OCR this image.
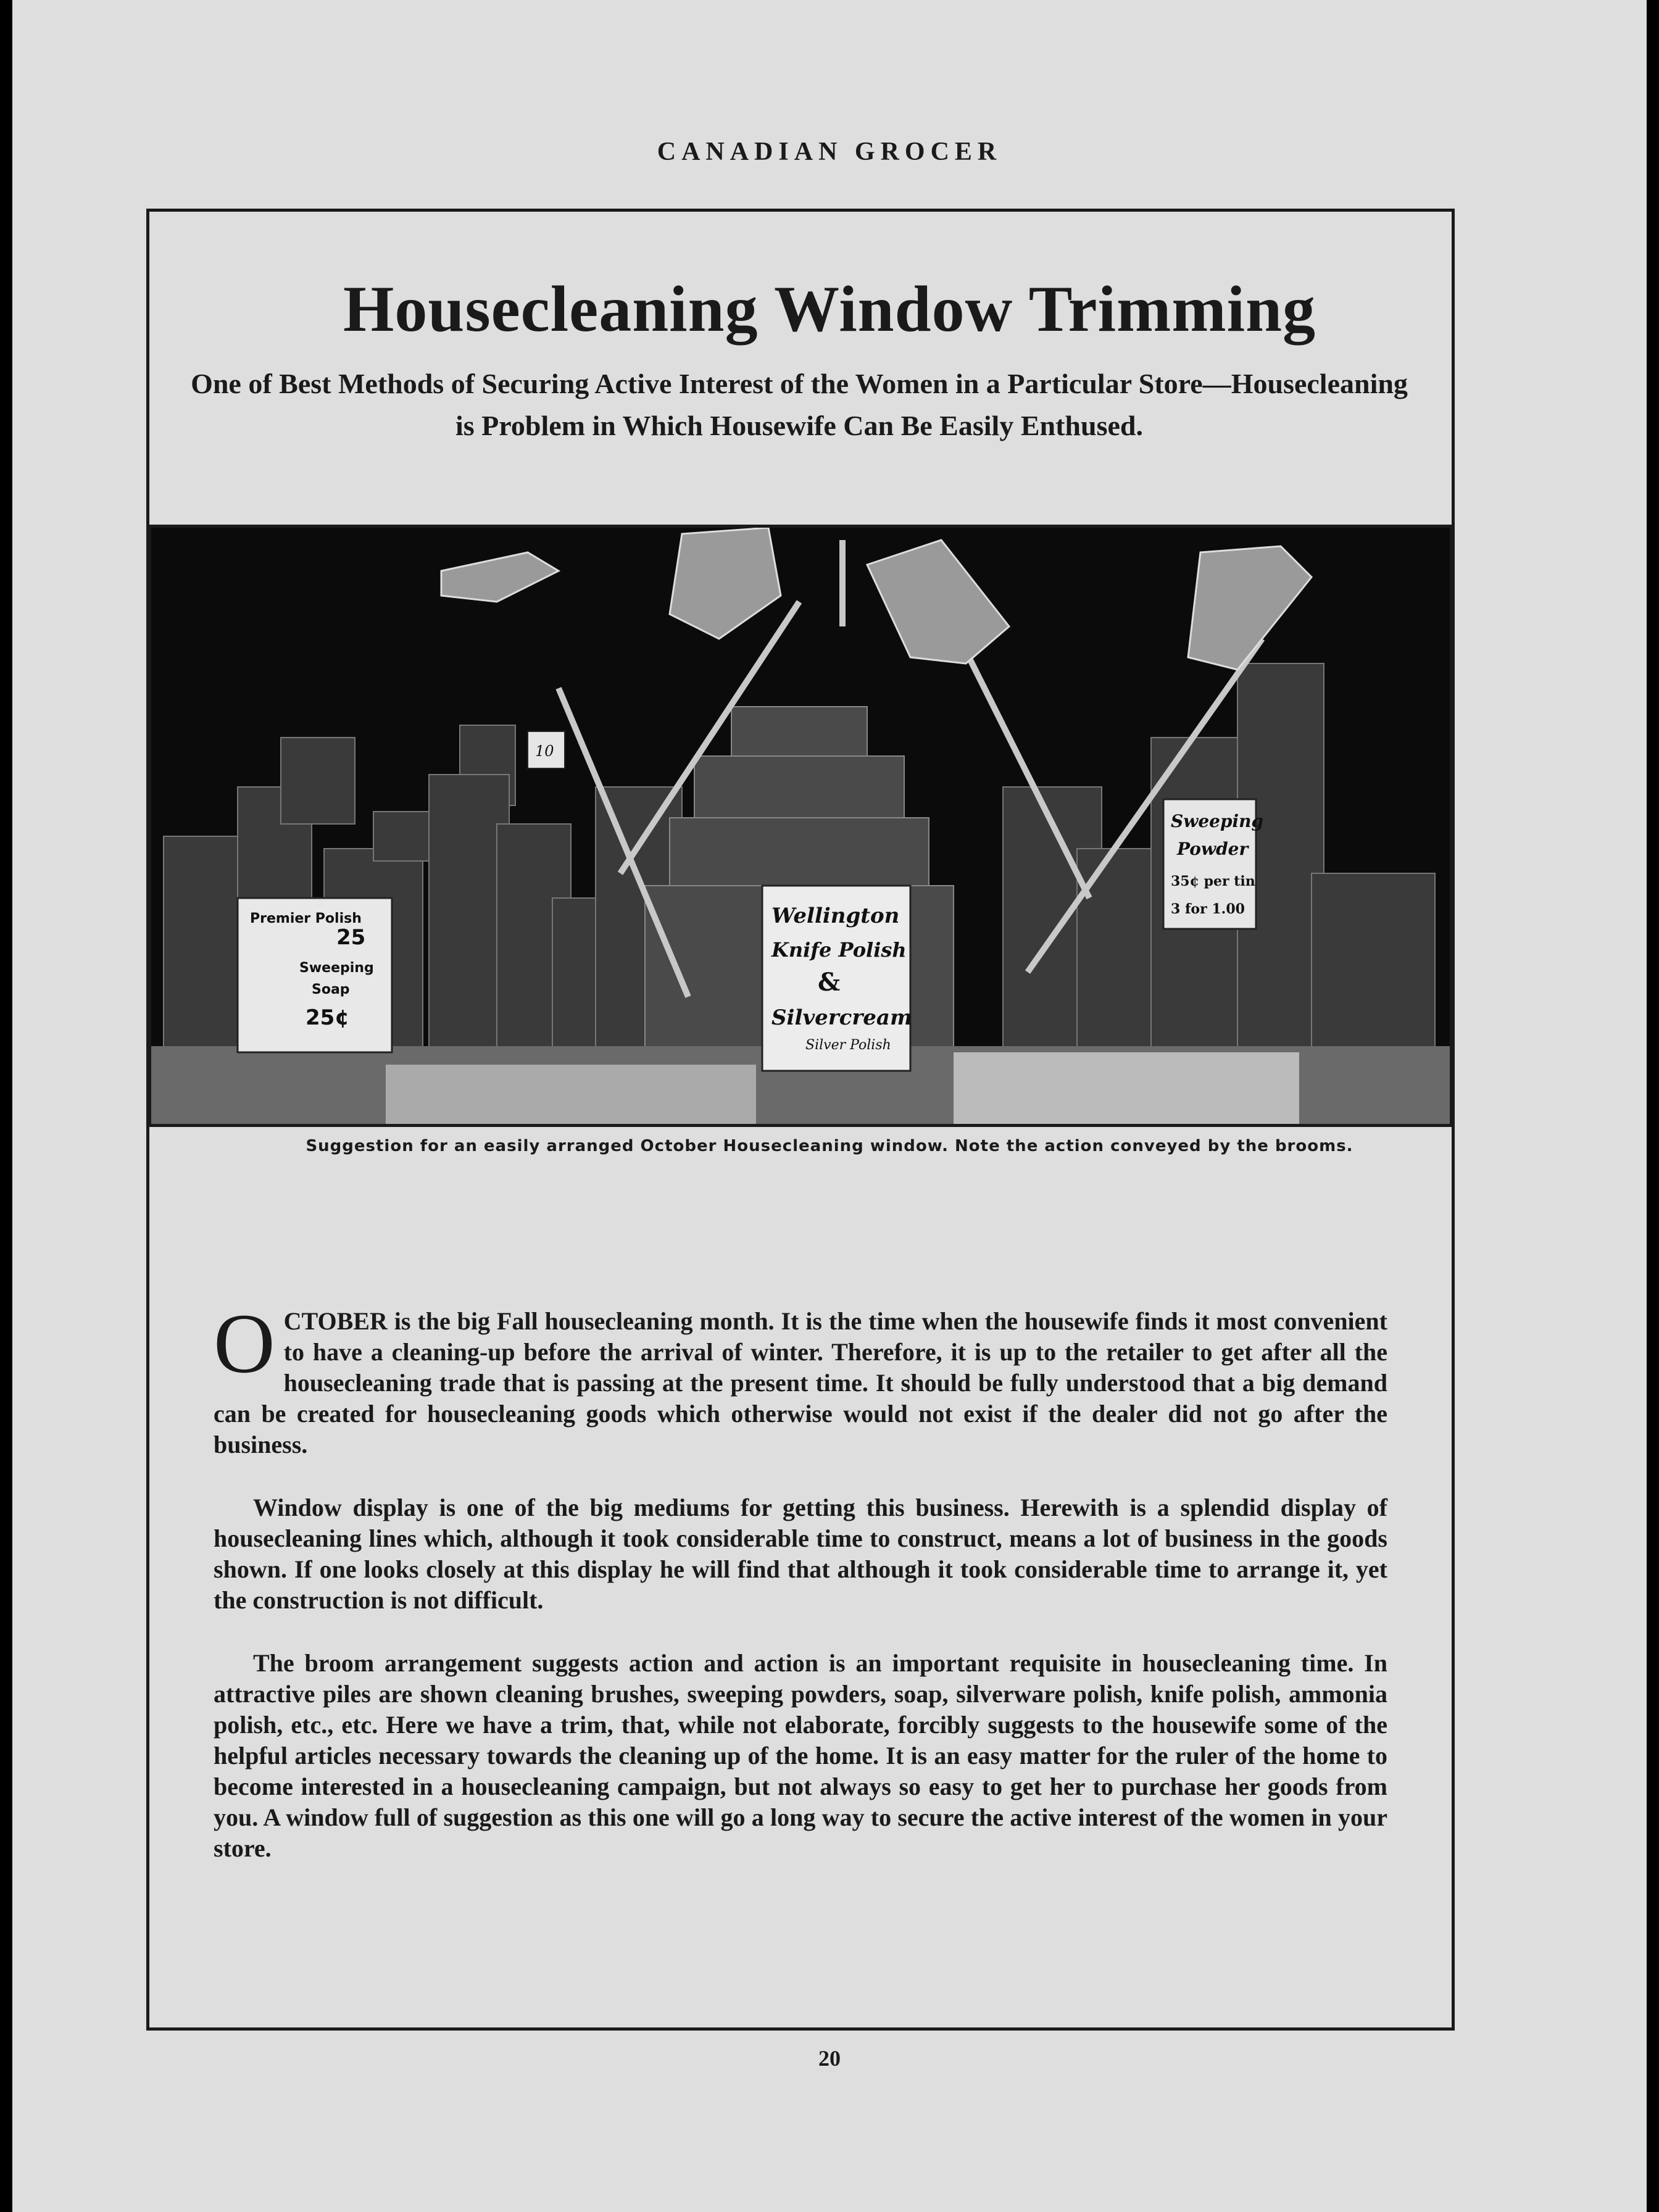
CANADIAN GROCER
Housecleaning Window Trimming
One of Best Methods of Securing Active Interest of the Women in a Particular Store—Housecleaning is Problem in Which Housewife Can Be Easily Enthused.
Premier Polish
25
Sweeping
Soap
25¢
Wellington
Knife Polish
&
Silvercream
Silver Polish
Sweeping
Powder
35¢ per tin
3 for 1.00
10
Suggestion for an easily arranged October Housecleaning window. Note the action conveyed by the brooms.

OCTOBER is the big Fall housecleaning month. It is the time when the housewife finds it most convenient to have a cleaning-up before the arrival of winter. Therefore, it is up to the retailer to get after all the housecleaning trade that is passing at the present time. It should be fully understood that a big demand can be created for housecleaning goods which otherwise would not exist if the dealer did not go after the business.

Window display is one of the big mediums for getting this business. Herewith is a splendid display of housecleaning lines which, although it took considerable time to construct, means a lot of business in the goods shown. If one looks closely at this display he will find that although it took considerable time to arrange it, yet the construction is not difficult.

The broom arrangement suggests action and action is an important requisite in housecleaning time. In attractive piles are shown cleaning brushes, sweeping powders, soap, silverware polish, knife polish, ammonia polish, etc., etc. Here we have a trim, that, while not elaborate, forcibly suggests to the housewife some of the helpful articles necessary towards the cleaning up of the home. It is an easy matter for the ruler of the home to become interested in a housecleaning campaign, but not always so easy to get her to purchase her goods from you. A window full of suggestion as this one will go a long way to secure the active interest of the women in your store.

20
